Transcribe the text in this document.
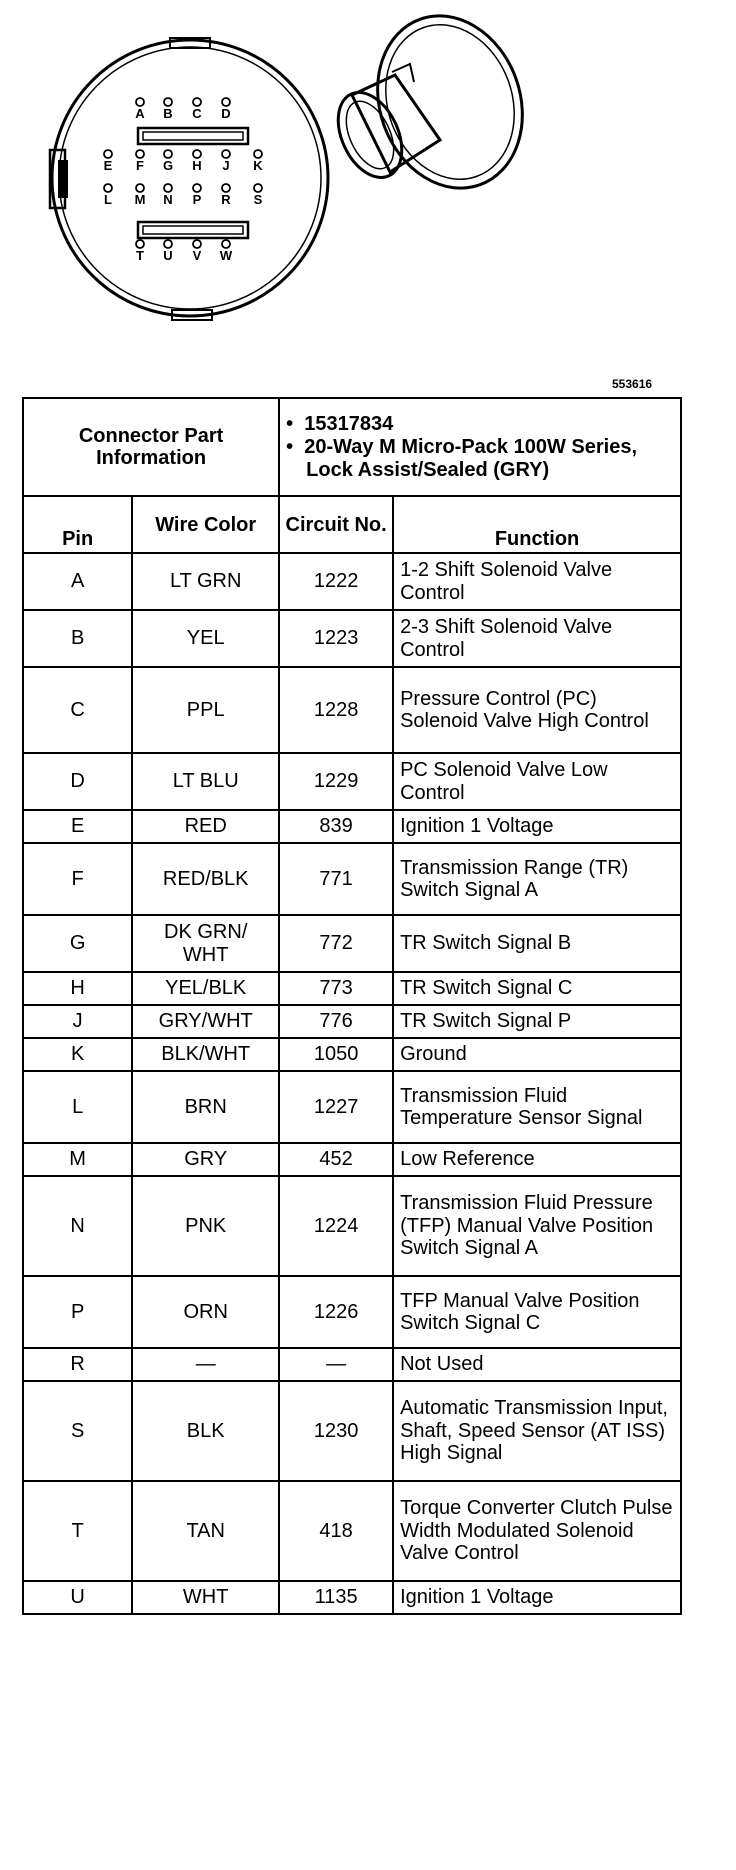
A B C D
E F G H J K
L M N P R S
T U V W
553616
Connector Part Information		•  15317834
•  20-Way M Micro-Pack 100W Series, Lock Assist/Sealed (GRY)	

Pin	Wire Color	Circuit No.	Function
A	LT GRN	1222	1-2 Shift Solenoid Valve Control
B	YEL	1223	2-3 Shift Solenoid Valve Control
C	PPL	1228	Pressure Control (PC) Solenoid Valve High Control
D	LT BLU	1229	PC Solenoid Valve Low Control
E	RED	839	Ignition 1 Voltage
F	RED/BLK	771	Transmission Range (TR) Switch Signal A
G	DK GRN/ WHT	772	TR Switch Signal B
H	YEL/BLK	773	TR Switch Signal C
J	GRY/WHT	776	TR Switch Signal P
K	BLK/WHT	1050	Ground
L	BRN	1227	Transmission Fluid Temperature Sensor Signal
M	GRY	452	Low Reference
N	PNK	1224	Transmission Fluid Pressure (TFP) Manual Valve Position Switch Signal A
P	ORN	1226	TFP Manual Valve Position Switch Signal C
R	—	—	Not Used
S	BLK	1230	Automatic Transmission Input, Shaft, Speed Sensor (AT ISS) High Signal
T	TAN	418	Torque Converter Clutch Pulse Width Modulated Solenoid Valve Control
U	WHT	1135	Ignition 1 Voltage
